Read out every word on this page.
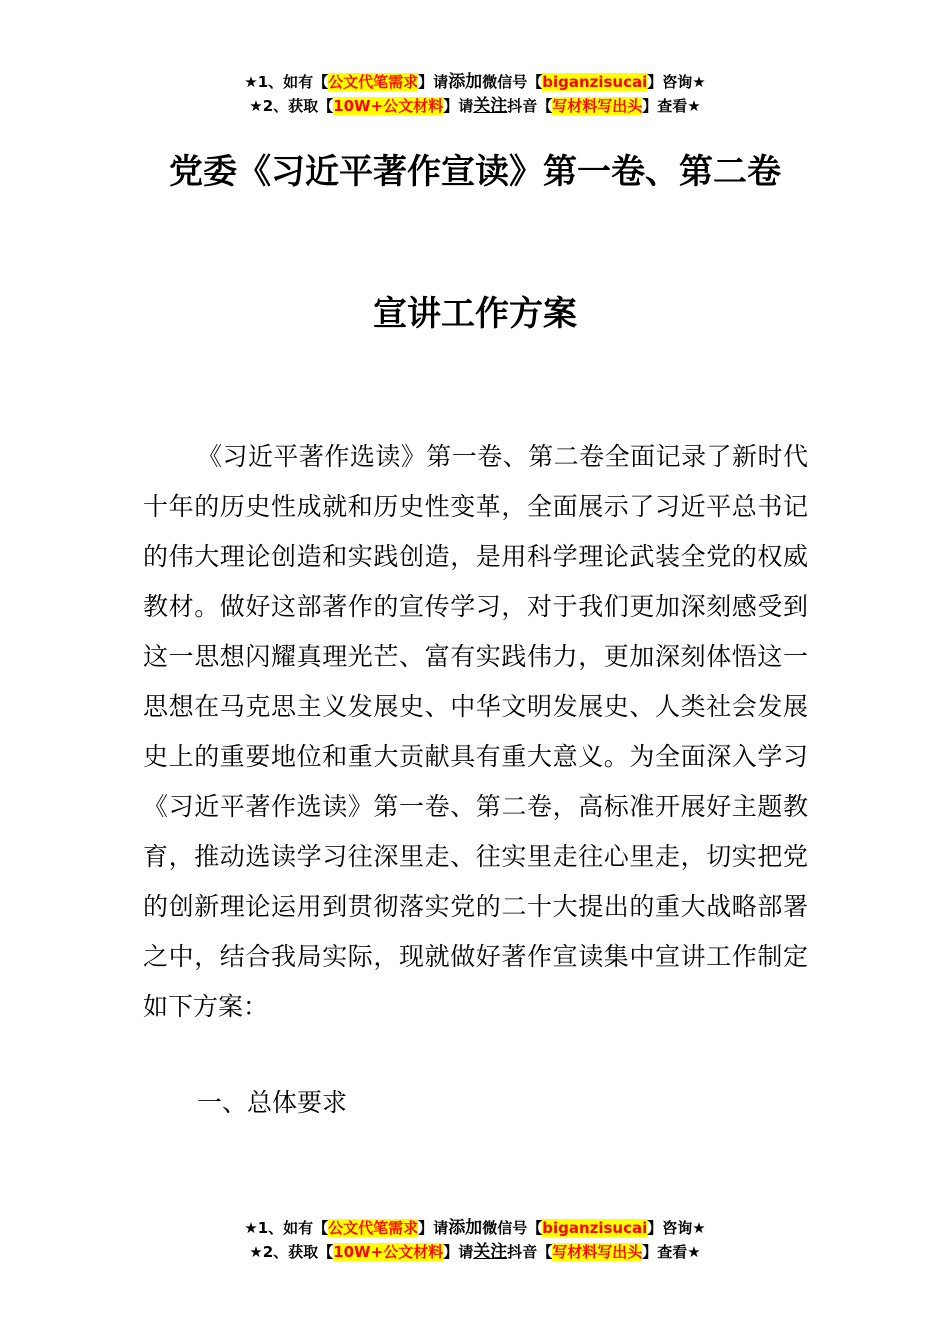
★1、如有【公文代笔需求】请添加微信号【biganzisucai】咨询★
★2、获取【10W+公文材料】请关注抖音【写材料写出头】查看★
党委《习近平著作宣读》第一卷、第二卷
宣讲工作方案

《习近平著作选读》第一卷、第二卷全面记录了新时代十年的历史性成就和历史性变革，全面展示了习近平总书记的伟大理论创造和实践创造，是用科学理论武装全党的权威教材。做好这部著作的宣传学习，对于我们更加深刻感受到这一思想闪耀真理光芒、富有实践伟力，更加深刻体悟这一思想在马克思主义发展史、中华文明发展史、人类社会发展史上的重要地位和重大贡献具有重大意义。为全面深入学习《习近平著作选读》第一卷、第二卷，高标准开展好主题教育，推动选读学习往深里走、往实里走往心里走，切实把党的创新理论运用到贯彻落实党的二十大提出的重大战略部署之中，结合我局实际，现就做好著作宣读集中宣讲工作制定如下方案：

一、总体要求

★1、如有【公文代笔需求】请添加微信号【biganzisucai】咨询★
★2、获取【10W+公文材料】请关注抖音【写材料写出头】查看★
